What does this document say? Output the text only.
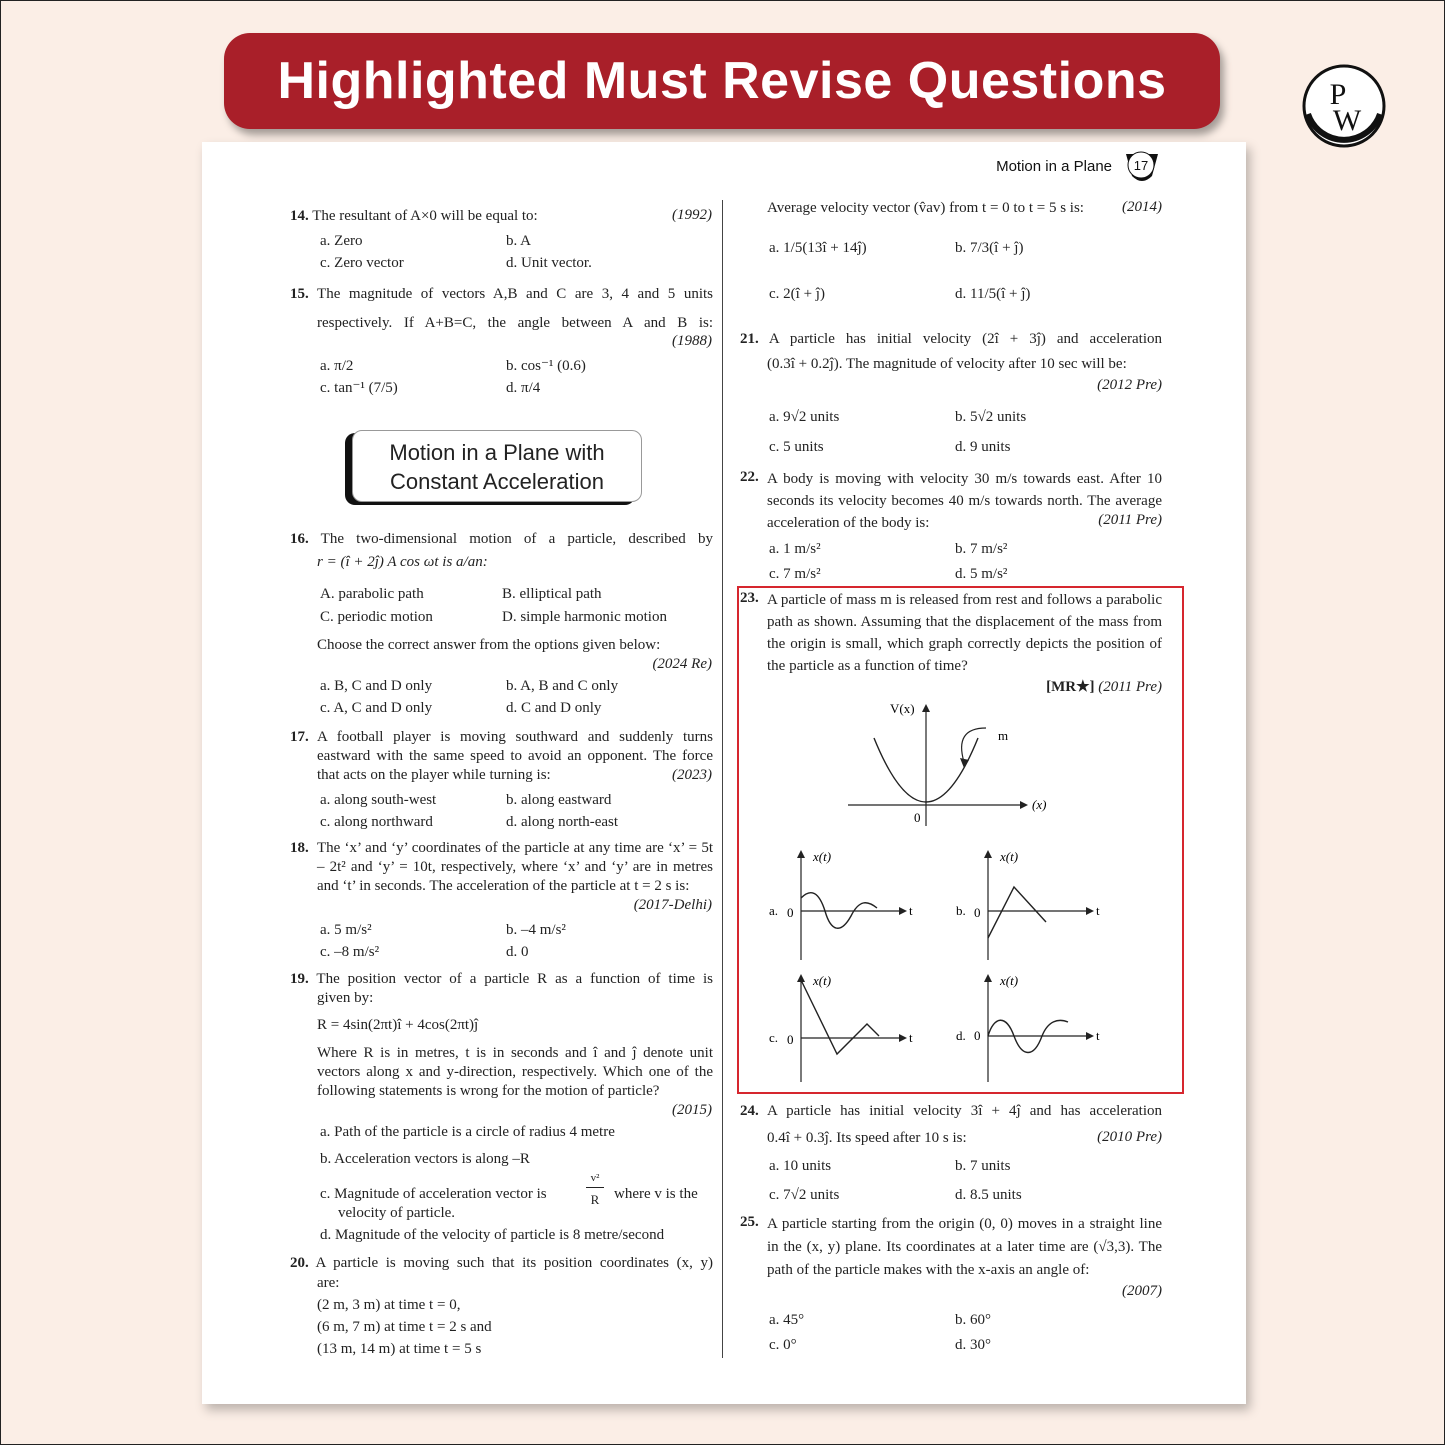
Highlighted Must Revise Questions	P
W
Motion in a Plane 17
14. The resultant of A×0 will be equal to:	(1992)
a. Zero	b. A
c. Zero vector	d. Unit vector.
15. The magnitude of vectors A,B and C are 3, 4 and 5 units
respectively. If A+B=C, the angle between A and B is:
(1988)
a. π/2	b. cos⁻¹ (0.6)
c. tan⁻¹ (7/5)	d. π/4
Motion in a Plane with
Constant Acceleration
16. The two-dimensional motion of a particle, described by
r = (î + 2ĵ) A cos ωt is a/an:
A. parabolic path	B. elliptical path
C. periodic motion	D. simple harmonic motion
Choose the correct answer from the options given below:
(2024 Re)
a. B, C and D only	b. A, B and C only
c. A, C and D only	d. C and D only
17. A football player is moving southward and suddenly turns eastward with the same speed to avoid an opponent. The force that acts on the player while turning is:	(2023)
a. along south-west	b. along eastward
c. along northward	d. along north-east
18. The ‘x’ and ‘y’ coordinates of the particle at any time are ‘x’ = 5t – 2t² and ‘y’ = 10t, respectively, where ‘x’ and ‘y’ are in metres and ‘t’ in seconds. The acceleration of the particle at t = 2 s is:
(2017-Delhi)
a. 5 m/s²	b. –4 m/s²
c. –8 m/s²	d. 0
19. The position vector of a particle R as a function of time is
given by:
R = 4sin(2πt)î + 4cos(2πt)ĵ
Where R is in metres, t is in seconds and î and ĵ denote unit vectors along x and y-direction, respectively. Which one of the following statements is wrong for the motion of particle?
(2015)
a. Path of the particle is a circle of radius 4 metre
b. Acceleration vectors is along –R
c. Magnitude of acceleration vector is
v²
R where v is the
velocity of particle.
d. Magnitude of the velocity of particle is 8 metre/second
20. A particle is moving such that its position coordinates (x, y)
are:
(2 m, 3 m) at time t = 0,
(6 m, 7 m) at time t = 2 s and
(13 m, 14 m) at time t = 5 s
Average velocity vector (v̂av) from t = 0 to t = 5 s is:	(2014)
a. 1/5(13î + 14ĵ)	b. 7/3(î + ĵ)
c. 2(î + ĵ)	d. 11/5(î + ĵ)
21. A particle has initial velocity (2î + 3ĵ) and acceleration
(0.3î + 0.2ĵ). The magnitude of velocity after 10 sec will be:
(2012 Pre)
a. 9√2 units	b. 5√2 units
c. 5 units	d. 9 units
22. A body is moving with velocity 30 m/s towards east. After 10 seconds its velocity becomes 40 m/s towards north. The average acceleration of the body is:	(2011 Pre)
a. 1 m/s²	b. 7 m/s²
c. 7 m/s²	d. 5 m/s²
23. A particle of mass m is released from rest and follows a parabolic path as shown. Assuming that the displacement of the mass from the origin is small, which graph correctly depicts the position of the particle as a function of time?
[MR★] (2011 Pre)
V(x)
(x)
0
m
a. 0
x(t)
t	b. 0
x(t)
t
c. 0
x(t)
t	d. 0
x(t)
t
24. A particle has initial velocity 3î + 4ĵ and has acceleration
0.4î + 0.3ĵ. Its speed after 10 s is:	(2010 Pre)
a. 10 units	b. 7 units
c. 7√2 units	d. 8.5 units
25. A particle starting from the origin (0, 0) moves in a straight line in the (x, y) plane. Its coordinates at a later time are (√3,3). The path of the particle makes with the x-axis an angle of:
(2007)
a. 45°	b. 60°
c. 0°	d. 30°
